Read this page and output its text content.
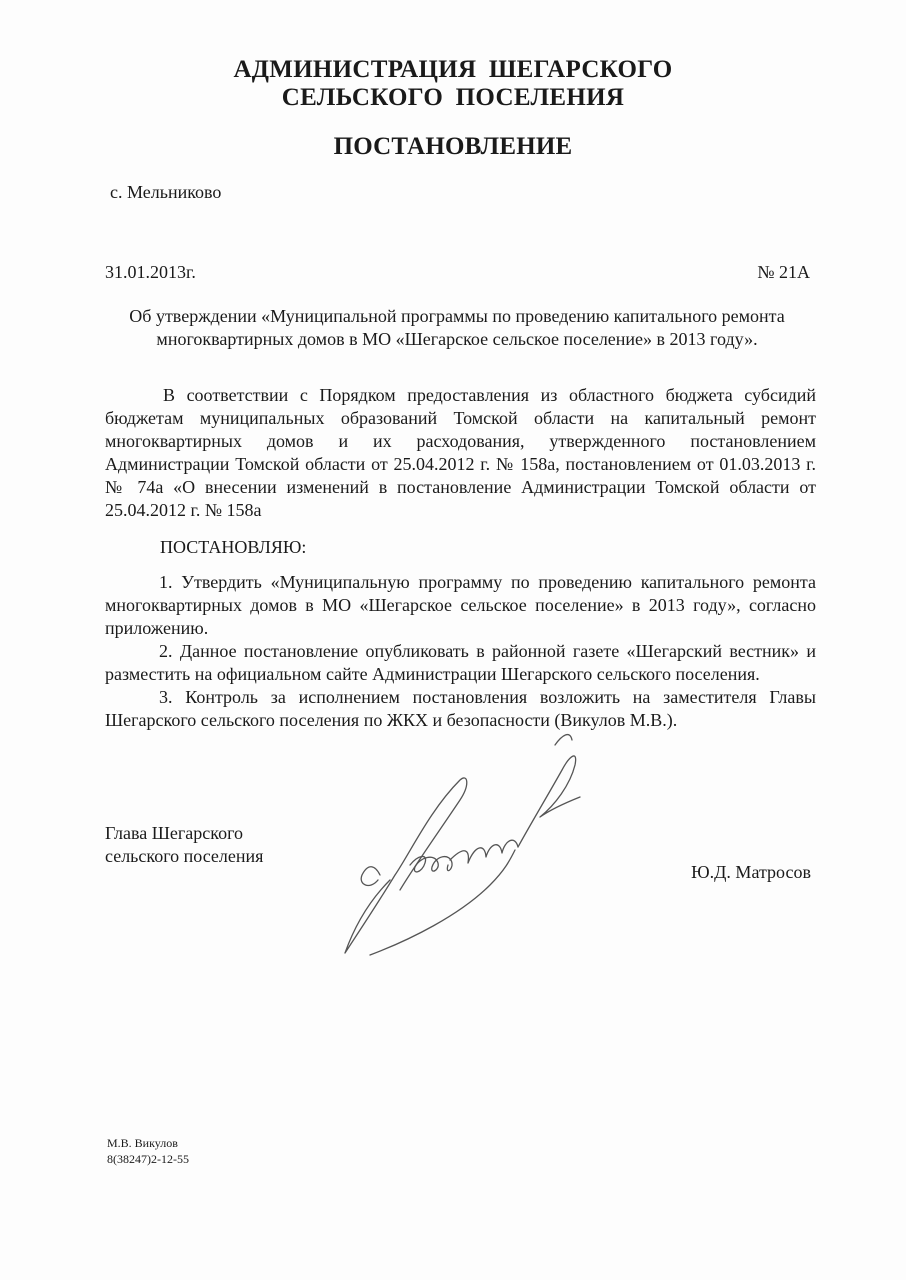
АДМИНИСТРАЦИЯ ШЕГАРСКОГО
СЕЛЬСКОГО ПОСЕЛЕНИЯ
ПОСТАНОВЛЕНИЕ
с. Мельниково
31.01.2013г.	№ 21А
Об утверждении «Муниципальной программы по проведению капитального ремонта многоквартирных домов в МО «Шегарское сельское поселение» в 2013 году».
В соответствии с Порядком предоставления из областного бюджета субсидий бюджетам муниципальных образований Томской области на капитальный ремонт многоквартирных домов и их расходования, утвержденного постановлением Администрации Томской области от 25.04.2012 г. № 158а, постановлением от 01.03.2013 г. № 74а «О внесении изменений в постановление Администрации Томской области от 25.04.2012 г. № 158а
ПОСТАНОВЛЯЮ:

1. Утвердить «Муниципальную программу по проведению капитального ремонта многоквартирных домов в МО «Шегарское сельское поселение» в 2013 году», согласно приложению.

2. Данное постановление опубликовать в районной газете «Шегарский вестник» и разместить на официальном сайте Администрации Шегарского сельского поселения.

3. Контроль за исполнением постановления возложить на заместителя Главы Шегарского сельского поселения по ЖКХ и безопасности (Викулов М.В.).

Глава Шегарского
сельского поселения
Ю.Д. Матросов
М.В. Викулов
8(38247)2-12-55
